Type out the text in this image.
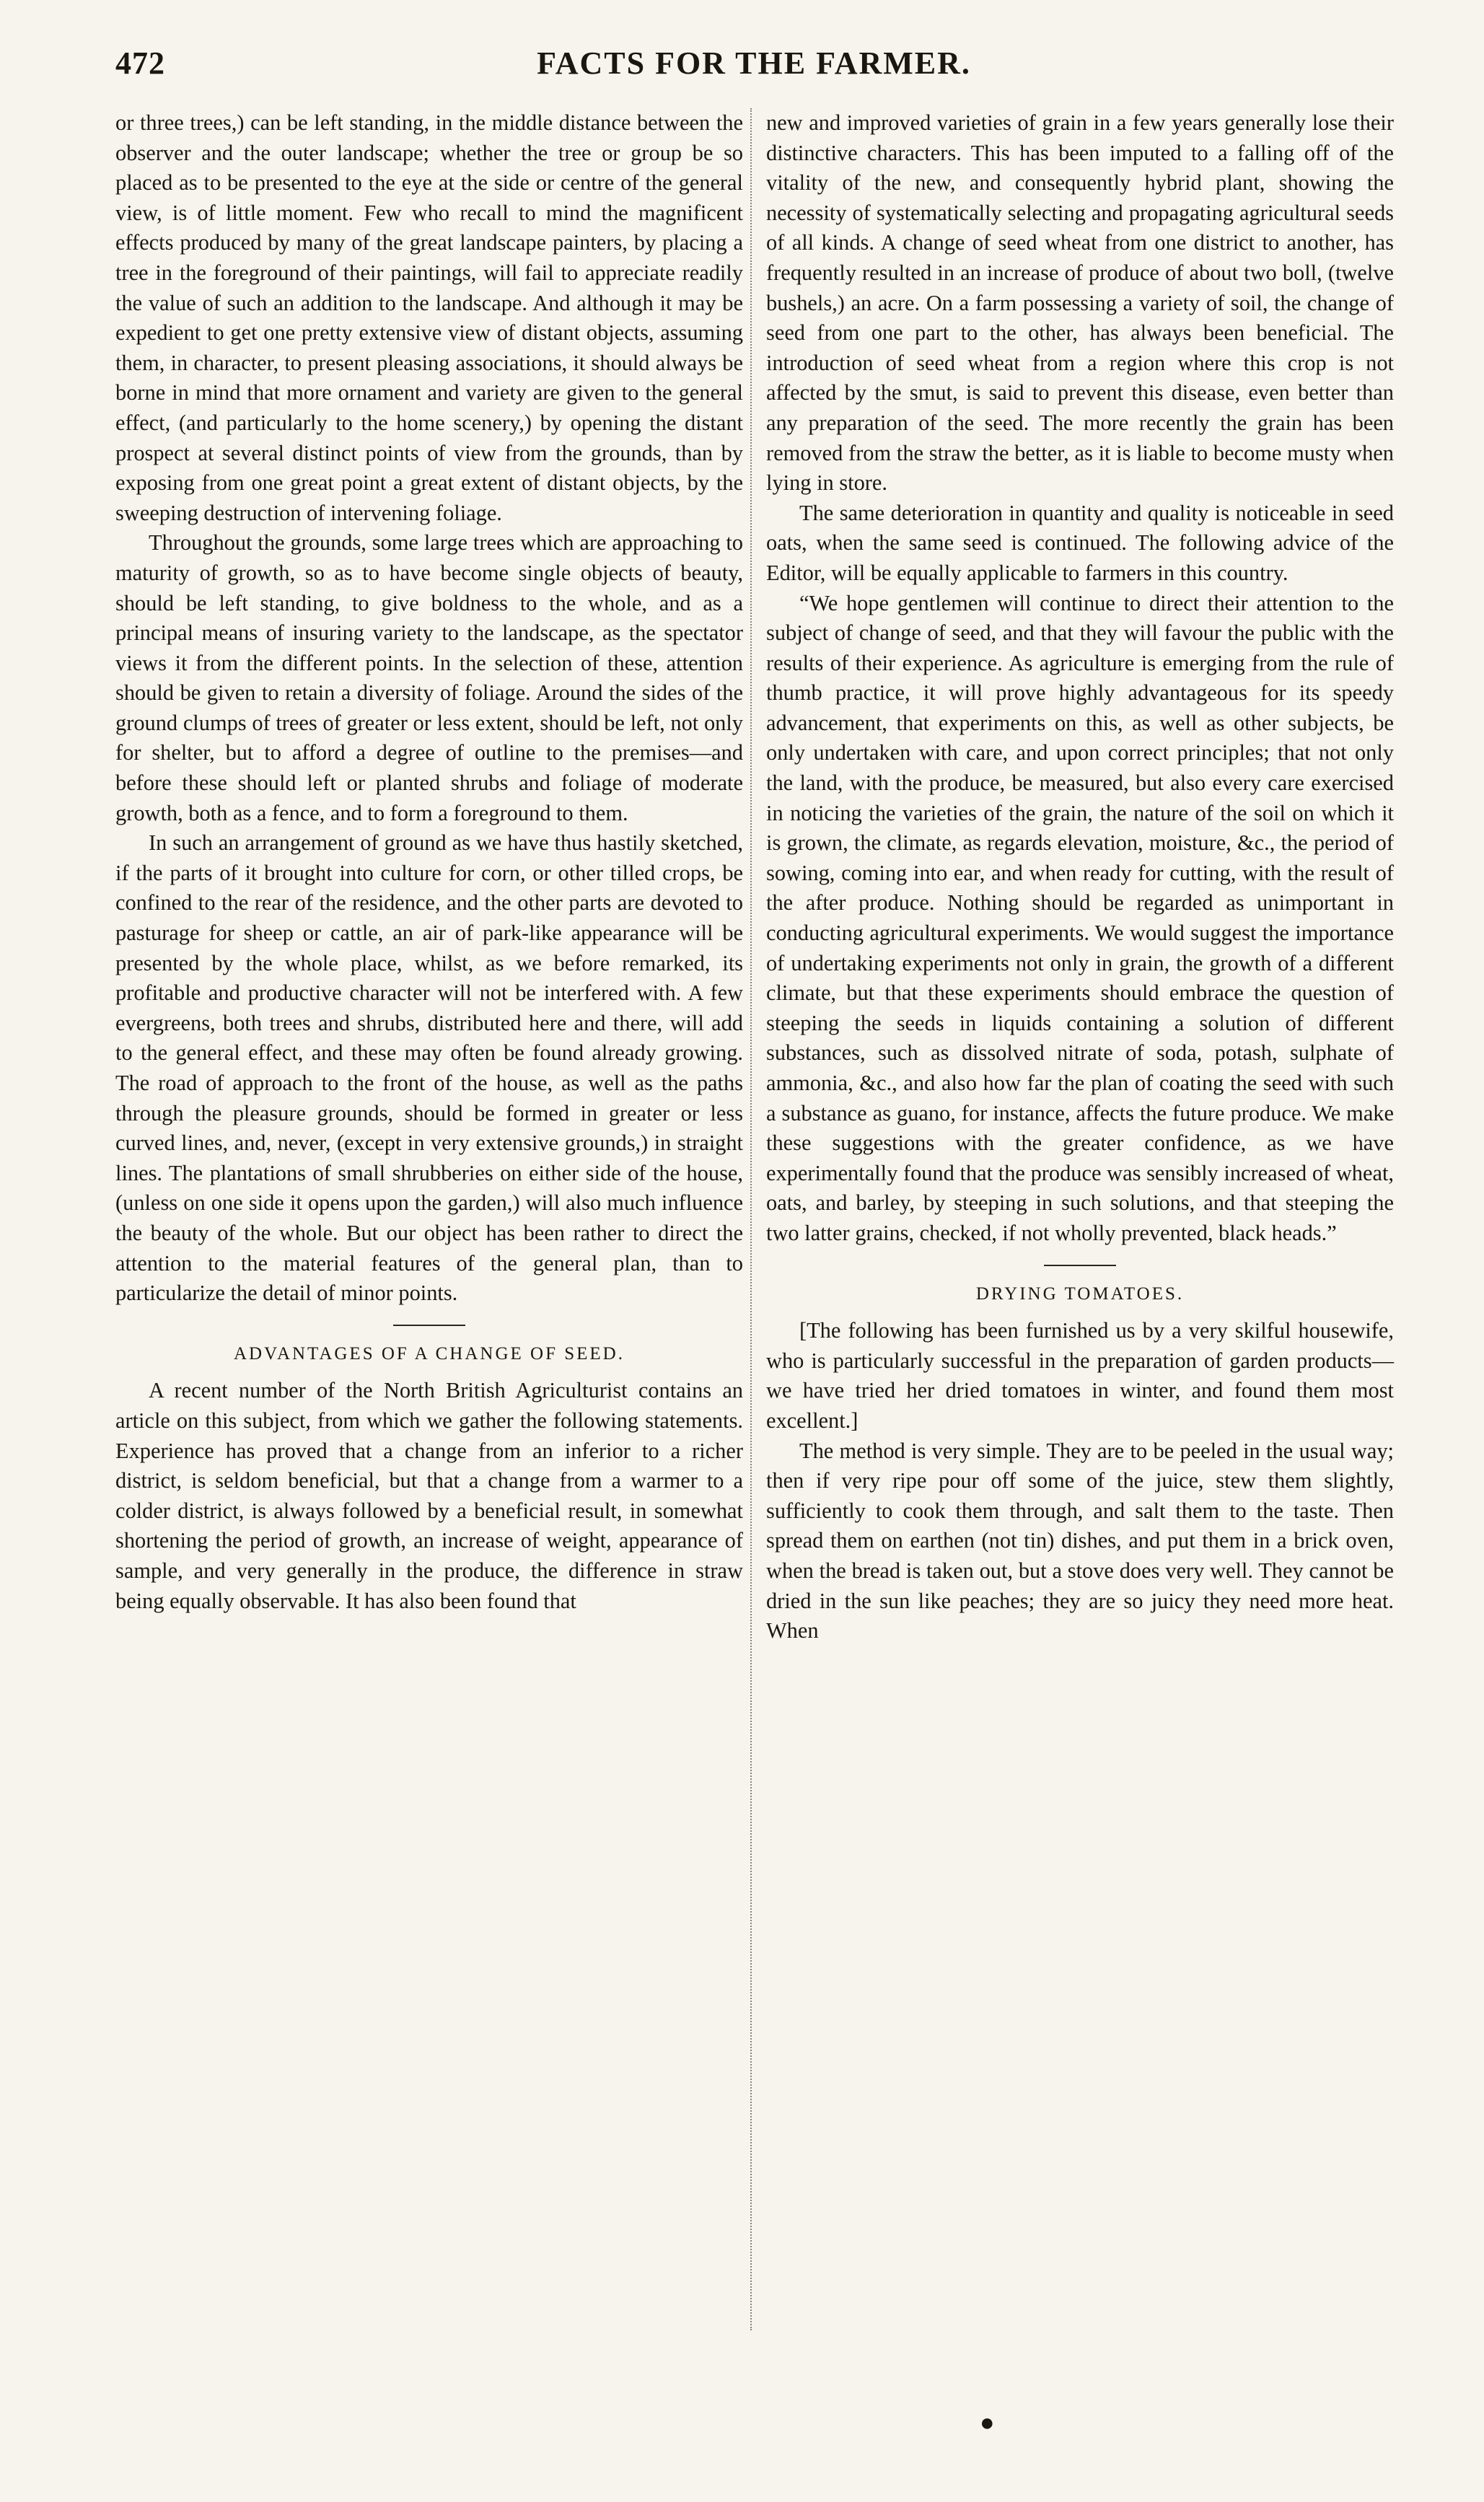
472	FACTS FOR THE FARMER.

or three trees,) can be left standing, in the middle distance between the observer and the outer landscape; whether the tree or group be so placed as to be presented to the eye at the side or centre of the general view, is of little moment. Few who recall to mind the magnificent effects produced by many of the great landscape painters, by placing a tree in the foreground of their paintings, will fail to appreciate readily the value of such an addition to the landscape. And although it may be expedient to get one pretty extensive view of distant objects, assuming them, in character, to present pleasing associations, it should always be borne in mind that more ornament and variety are given to the general effect, (and particularly to the home scenery,) by opening the distant prospect at several distinct points of view from the grounds, than by exposing from one great point a great extent of distant objects, by the sweeping destruction of intervening foliage.

Throughout the grounds, some large trees which are approaching to maturity of growth, so as to have become single objects of beauty, should be left standing, to give boldness to the whole, and as a principal means of insuring variety to the landscape, as the spectator views it from the different points. In the selection of these, attention should be given to retain a diversity of foliage. Around the sides of the ground clumps of trees of greater or less extent, should be left, not only for shelter, but to afford a degree of outline to the premises—and before these should left or planted shrubs and foliage of moderate growth, both as a fence, and to form a foreground to them.

In such an arrangement of ground as we have thus hastily sketched, if the parts of it brought into culture for corn, or other tilled crops, be confined to the rear of the residence, and the other parts are devoted to pasturage for sheep or cattle, an air of park-like appearance will be presented by the whole place, whilst, as we before remarked, its profitable and productive character will not be interfered with. A few evergreens, both trees and shrubs, distributed here and there, will add to the general effect, and these may often be found already growing. The road of approach to the front of the house, as well as the paths through the pleasure grounds, should be formed in greater or less curved lines, and, never, (except in very extensive grounds,) in straight lines. The plantations of small shrubberies on either side of the house, (unless on one side it opens upon the garden,) will also much influence the beauty of the whole. But our object has been rather to direct the attention to the material features of the general plan, than to particularize the detail of minor points.

ADVANTAGES OF A CHANGE OF SEED.

A recent number of the North British Agriculturist contains an article on this subject, from which we gather the following statements. Experience has proved that a change from an inferior to a richer district, is seldom beneficial, but that a change from a warmer to a colder district, is always followed by a beneficial result, in somewhat shortening the period of growth, an increase of weight, appearance of sample, and very generally in the produce, the difference in straw being equally observable. It has also been found that

new and improved varieties of grain in a few years generally lose their distinctive characters. This has been imputed to a falling off of the vitality of the new, and consequently hybrid plant, showing the necessity of systematically selecting and propagating agricultural seeds of all kinds. A change of seed wheat from one district to another, has frequently resulted in an increase of produce of about two boll, (twelve bushels,) an acre. On a farm possessing a variety of soil, the change of seed from one part to the other, has always been beneficial. The introduction of seed wheat from a region where this crop is not affected by the smut, is said to prevent this disease, even better than any preparation of the seed. The more recently the grain has been removed from the straw the better, as it is liable to become musty when lying in store.

The same deterioration in quantity and quality is noticeable in seed oats, when the same seed is continued. The following advice of the Editor, will be equally applicable to farmers in this country.

“We hope gentlemen will continue to direct their attention to the subject of change of seed, and that they will favour the public with the results of their experience. As agriculture is emerging from the rule of thumb practice, it will prove highly advantageous for its speedy advancement, that experiments on this, as well as other subjects, be only undertaken with care, and upon correct principles; that not only the land, with the produce, be measured, but also every care exercised in noticing the varieties of the grain, the nature of the soil on which it is grown, the climate, as regards elevation, moisture, &c., the period of sowing, coming into ear, and when ready for cutting, with the result of the after produce. Nothing should be regarded as unimportant in conducting agricultural experiments. We would suggest the importance of undertaking experiments not only in grain, the growth of a different climate, but that these experiments should embrace the question of steeping the seeds in liquids containing a solution of different substances, such as dissolved nitrate of soda, potash, sulphate of ammonia, &c., and also how far the plan of coating the seed with such a substance as guano, for instance, affects the future produce. We make these suggestions with the greater confidence, as we have experimentally found that the produce was sensibly increased of wheat, oats, and barley, by steeping in such solutions, and that steeping the two latter grains, checked, if not wholly prevented, black heads.”

DRYING TOMATOES.

[The following has been furnished us by a very skilful housewife, who is particularly successful in the preparation of garden products—we have tried her dried tomatoes in winter, and found them most excellent.]

The method is very simple. They are to be peeled in the usual way; then if very ripe pour off some of the juice, stew them slightly, sufficiently to cook them through, and salt them to the taste. Then spread them on earthen (not tin) dishes, and put them in a brick oven, when the bread is taken out, but a stove does very well. They cannot be dried in the sun like peaches; they are so juicy they need more heat. When

●
